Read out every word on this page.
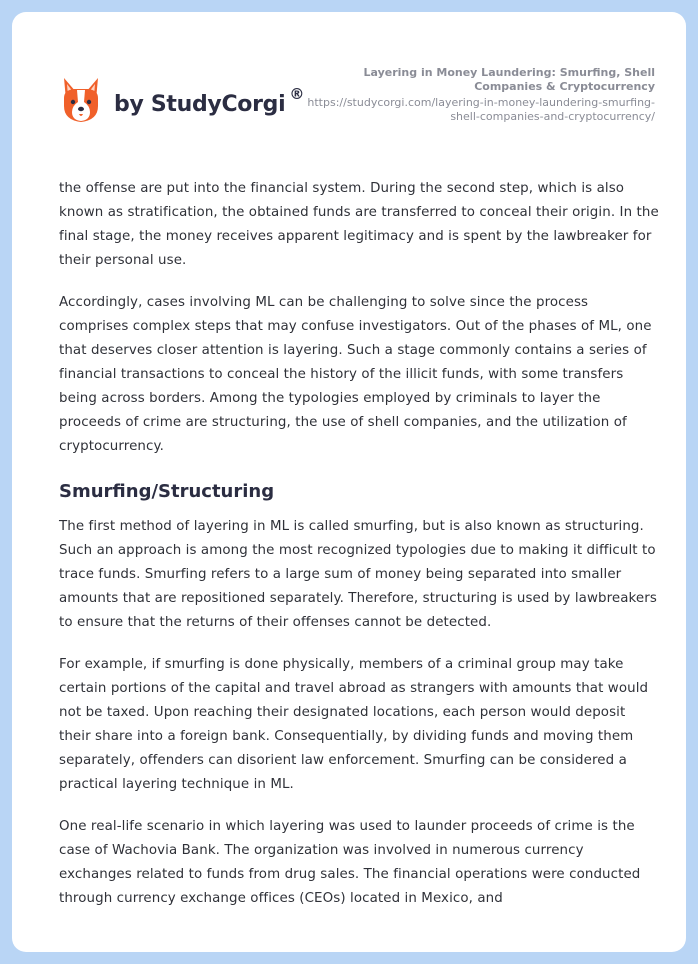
by StudyCorgi ®
Layering in Money Laundering: Smurfing, Shell Companies & Cryptocurrency
https://studycorgi.com/layering-in-money-laundering-smurfing-shell-companies-and-cryptocurrency/

the offense are put into the financial system. During the second step, which is also known as stratification, the obtained funds are transferred to conceal their origin. In the final stage, the money receives apparent legitimacy and is spent by the lawbreaker for their personal use.

Accordingly, cases involving ML can be challenging to solve since the process comprises complex steps that may confuse investigators. Out of the phases of ML, one that deserves closer attention is layering. Such a stage commonly contains a series of financial transactions to conceal the history of the illicit funds, with some transfers being across borders. Among the typologies employed by criminals to layer the proceeds of crime are structuring, the use of shell companies, and the utilization of cryptocurrency.

Smurfing/Structuring

The first method of layering in ML is called smurfing, but is also known as structuring. Such an approach is among the most recognized typologies due to making it difficult to trace funds. Smurfing refers to a large sum of money being separated into smaller amounts that are repositioned separately. Therefore, structuring is used by lawbreakers to ensure that the returns of their offenses cannot be detected.

For example, if smurfing is done physically, members of a criminal group may take certain portions of the capital and travel abroad as strangers with amounts that would not be taxed. Upon reaching their designated locations, each person would deposit their share into a foreign bank. Consequentially, by dividing funds and moving them separately, offenders can disorient law enforcement. Smurfing can be considered a practical layering technique in ML.

One real-life scenario in which layering was used to launder proceeds of crime is the case of Wachovia Bank. The organization was involved in numerous currency exchanges related to funds from drug sales. The financial operations were conducted through currency exchange offices (CEOs) located in Mexico, and
